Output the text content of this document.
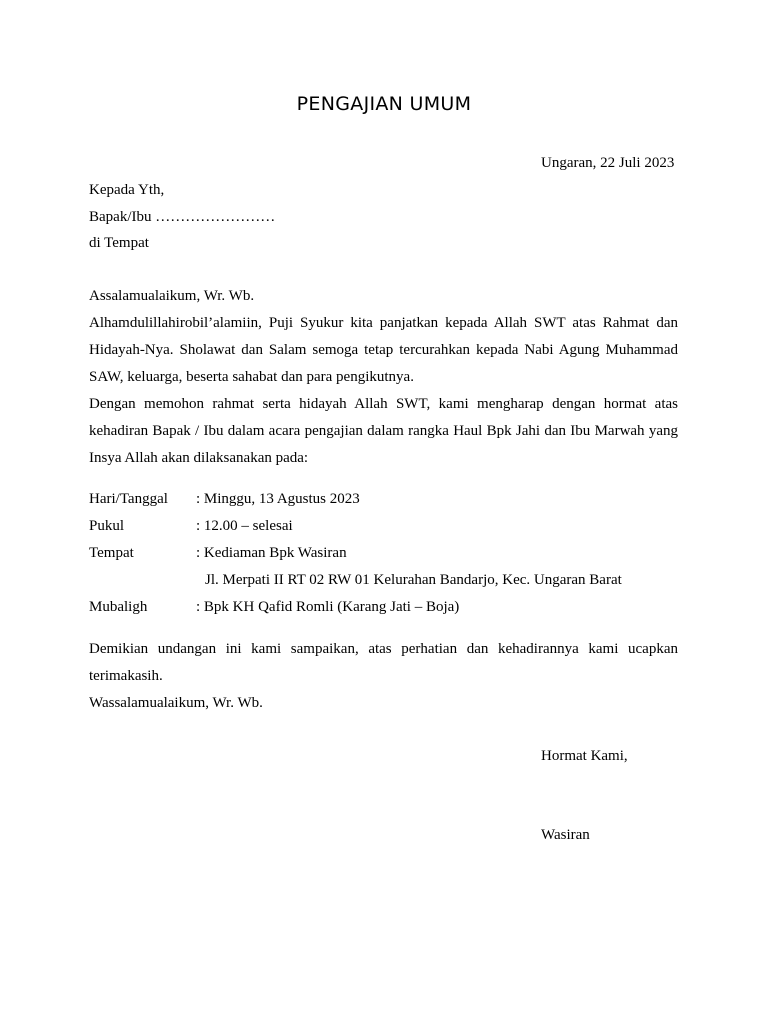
PENGAJIAN UMUM
Ungaran, 22 Juli 2023
Kepada Yth,
Bapak/Ibu ……………………
di Tempat
Assalamualaikum, Wr. Wb.

Alhamdulillahirobil’alamiin, Puji Syukur kita panjatkan kepada Allah SWT atas Rahmat dan Hidayah-Nya. Sholawat dan Salam semoga tetap tercurahkan kepada Nabi Agung Muhammad SAW, keluarga, beserta sahabat dan para pengikutnya.

Dengan memohon rahmat serta hidayah Allah SWT, kami mengharap dengan hormat atas kehadiran Bapak / Ibu dalam acara pengajian dalam rangka Haul Bpk Jahi dan Ibu Marwah yang Insya Allah akan dilaksanakan pada:

Hari/Tanggal : Minggu, 13 Agustus 2023
Pukul	: 12.00 – selesai
Tempat	: Kediaman Bpk Wasiran
Jl. Merpati II RT 02 RW 01 Kelurahan Bandarjo, Kec. Ungaran Barat
Mubaligh	: Bpk KH Qafid Romli (Karang Jati – Boja)
Demikian undangan ini kami sampaikan, atas perhatian dan kehadirannya kami ucapkan terimakasih.
Wassalamualaikum, Wr. Wb.
Hormat Kami,
Wasiran
